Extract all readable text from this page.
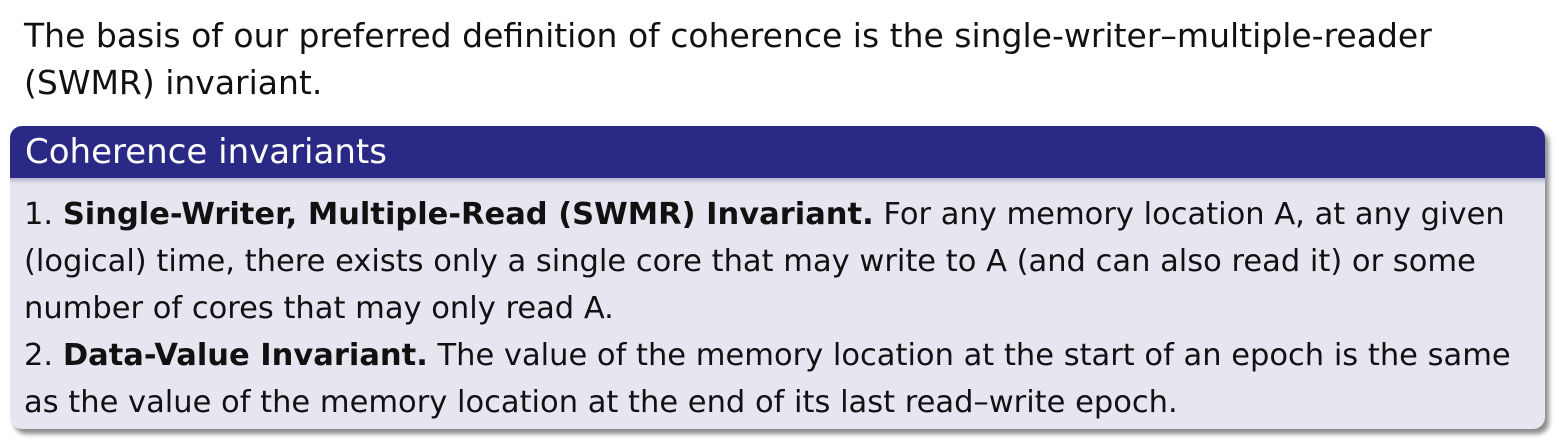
The basis of our preferred definition of coherence is the single-writer–multiple-reader (SWMR) invariant.

Coherence invariants

1. Single-Writer, Multiple-Read (SWMR) Invariant. For any memory location A, at any given (logical) time, there exists only a single core that may write to A (and can also read it) or some number of cores that may only read A.

2. Data-Value Invariant. The value of the memory location at the start of an epoch is the same as the value of the memory location at the end of its last read–write epoch.
